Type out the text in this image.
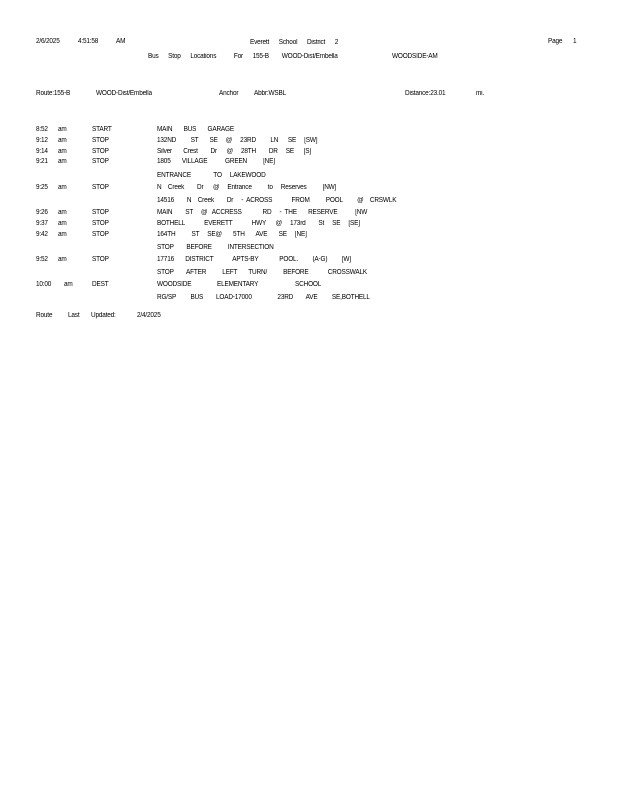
2/6/2025	4:51:58	AM	Everett      School      District      2	Page 1
Bus      Stop      Locations           For      155-B        WOOD-Dist/Embella	WOODSIDE-AM
Route:155-B	WOOD-Dist/Embella	Anchor Abbr:WSBL	Distance:23.01	mi.
8:52 am	START	MAIN       BUS       GARAGE
9:12 am	STOP	132ND         ST       SE     @     23RD         LN      SE     [SW]
9:14 am	STOP	Silver       Crest        Dr      @     28TH        DR     SE      [S]
9:21 am	STOP	1805       VILLAGE           GREEN          [NE]
ENTRANCE              TO     LAKEWOOD
9:25 am	STOP	N    Creek        Dr      @     Entrance          to     Reserves          [NW]
14516        N    Creek        Dr     -  ACROSS            FROM          POOL         @    CRSWLK
9:26 am	STOP	MAIN        ST     @   ACCRESS             RD     -  THE       RESERVE           [NW
9:37 am	STOP	BOTHELL            EVERETT            HWY      @     173rd        St     SE     [SE]
9:42 am	STOP	164TH          ST     SE@       5TH       AVE       SE     [NE]
STOP        BEFORE          INTERSECTION
9:52 am	STOP	17716       DISTRICT            APTS-BY             POOL.         (A-G)         [W]
STOP        AFTER          LEFT       TURN/          BEFORE            CROSSWALK
10:00 am	DEST	WOODSIDE                ELEMENTARY                       SCHOOL
RG/SP         BUS        LOAD-17000                23RD        AVE         SE,BOTHELL
Route Last Updated:	2/4/2025
